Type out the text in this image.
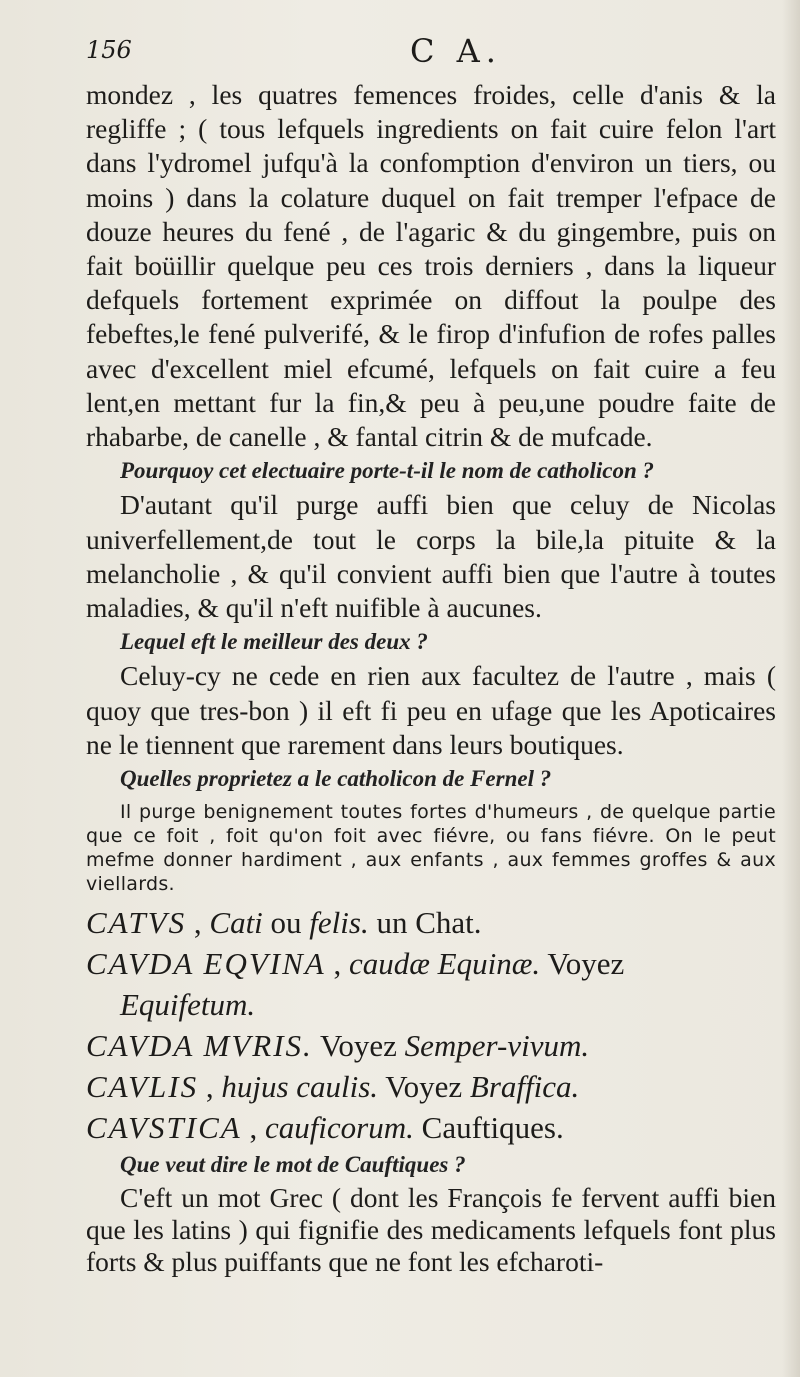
156	C A.

mondez , les quatres femences froides, celle d'anis & la regliffe ; ( tous lefquels ingredients on fait cuire felon l'art dans l'ydromel jufqu'à la confomption d'environ un tiers, ou moins ) dans la colature duquel on fait tremper l'efpace de douze heures du fené , de l'agaric & du gingembre, puis on fait boüillir quelque peu ces trois derniers , dans la liqueur defquels fortement exprimée on diffout la poulpe des febeftes,le fené pulverifé, & le firop d'infufion de rofes palles avec d'excellent miel efcumé, lefquels on fait cuire a feu lent,en mettant fur la fin,& peu à peu,une poudre faite de rhabarbe, de canelle , & fantal citrin & de mufcade.

Pourquoy cet electuaire porte-t-il le nom de catholicon ?

D'autant qu'il purge auffi bien que celuy de Nicolas univerfellement,de tout le corps la bile,la pituite & la melancholie , & qu'il convient auffi bien que l'autre à toutes maladies, & qu'il n'eft nuifible à aucunes.

Lequel eft le meilleur des deux ?

Celuy-cy ne cede en rien aux facultez de l'autre , mais ( quoy que tres-bon ) il eft fi peu en ufage que les Apoticaires ne le tiennent que rarement dans leurs boutiques.

Quelles proprietez a le catholicon de Fernel ?

Il purge benignement toutes fortes d'humeurs , de quelque partie que ce foit , foit qu'on foit avec fiévre, ou fans fiévre. On le peut mefme donner hardiment , aux enfants , aux femmes groffes & aux viellards.

CATVS , Cati ou felis. un Chat.

CAVDA EQVINA , caudæ Equinæ. Voyez
Equifetum.

CAVDA MVRIS. Voyez Semper-vivum.

CAVLIS , hujus caulis. Voyez Braffica.

CAVSTICA , cauficorum. Cauftiques.

Que veut dire le mot de Cauftiques ?

C'eft un mot Grec ( dont les François fe fervent auffi bien que les latins ) qui fignifie des medicaments lefquels font plus forts & plus puiffants que ne font les efcharoti-
